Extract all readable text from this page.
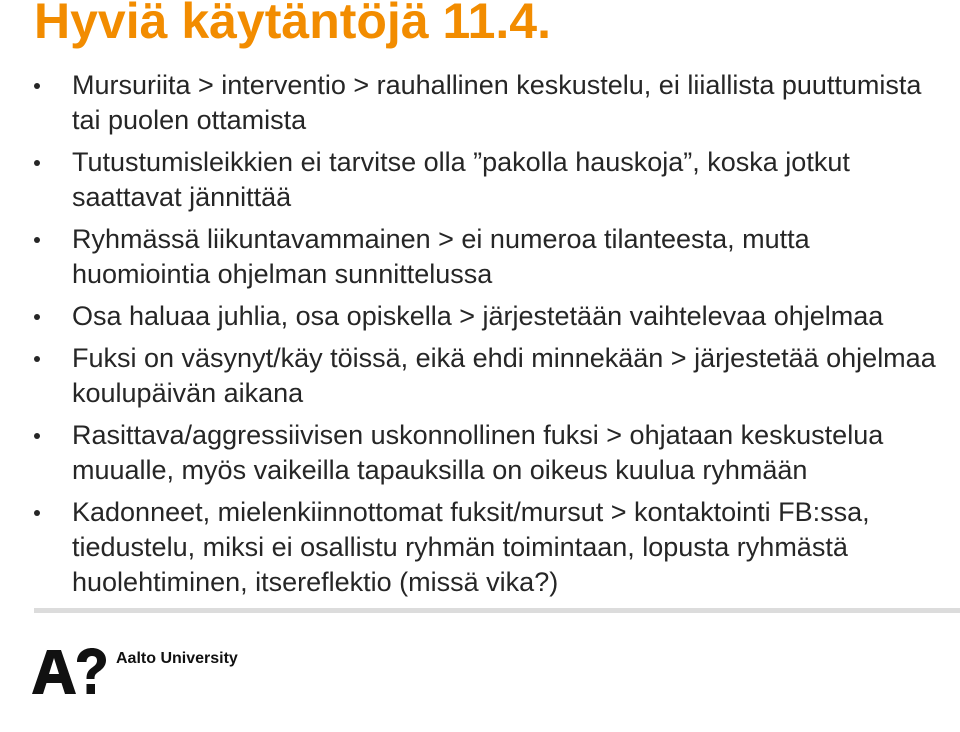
Hyviä käytäntöjä 11.4.
Mursuriita > interventio > rauhallinen keskustelu, ei liiallista puuttumista tai puolen ottamista
Tutustumisleikkien ei tarvitse olla ”pakolla hauskoja”, koska jotkut saattavat jännittää
Ryhmässä liikuntavammainen > ei numeroa tilanteesta, mutta huomiointia ohjelman sunnittelussa
Osa haluaa juhlia, osa opiskella > järjestetään vaihtelevaa ohjelmaa
Fuksi on väsynyt/käy töissä, eikä ehdi minnekään > järjestetää ohjelmaa koulupäivän aikana
Rasittava/aggressiivisen uskonnollinen fuksi > ohjataan keskustelua muualle, myös vaikeilla tapauksilla on oikeus kuulua ryhmään
Kadonneet, mielenkiinnottomat fuksit/mursut > kontaktointi FB:ssa, tiedustelu, miksi ei osallistu ryhmän toimintaan, lopusta ryhmästä huolehtiminen, itsereflektio (missä vika?)
Aalto University
